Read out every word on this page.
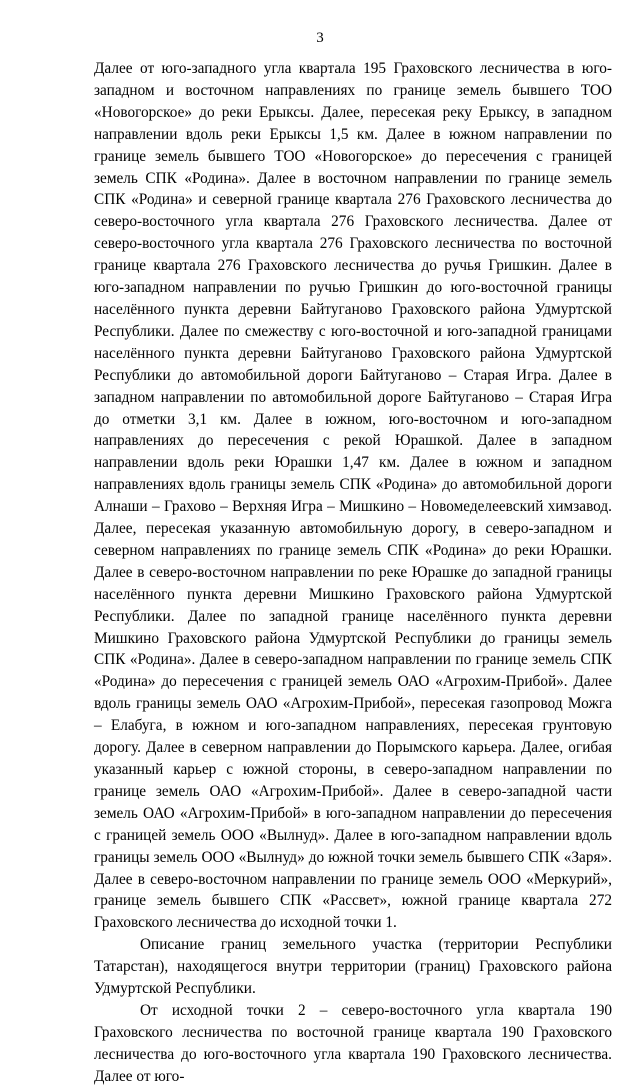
3

Далее от юго-западного угла квартала 195 Граховского лесничества в юго-западном и восточном направлениях по границе земель бывшего ТОО «Новогорское» до реки Ерыксы. Далее, пересекая реку Ерыксу, в западном направлении вдоль реки Ерыксы 1,5 км. Далее в южном направлении по границе земель бывшего ТОО «Новогорское» до пересечения с границей земель СПК «Родина». Далее в восточном направлении по границе земель СПК «Родина» и северной границе квартала 276 Граховского лесничества до северо-восточного угла квартала 276 Граховского лесничества. Далее от северо-восточного угла квартала 276 Граховского лесничества по восточной границе квартала 276 Граховского лесничества до ручья Гришкин. Далее в юго-западном направлении по ручью Гришкин до юго-восточной границы населённого пункта деревни Байтуганово Граховского района Удмуртской Республики. Далее по смежеству с юго-восточной и юго-западной границами населённого пункта деревни Байтуганово Граховского района Удмуртской Республики до автомобильной дороги Байтуганово – Старая Игра. Далее в западном направлении по автомобильной дороге Байтуганово – Старая Игра до отметки 3,1 км. Далее в южном, юго-восточном и юго-западном направлениях до пересечения с рекой Юрашкой. Далее в западном направлении вдоль реки Юрашки 1,47 км. Далее в южном и западном направлениях вдоль границы земель СПК «Родина» до автомобильной дороги Алнаши – Грахово – Верхняя Игра – Мишкино – Новомеделеевский химзавод. Далее, пересекая указанную автомобильную дорогу, в северо-западном и северном направлениях по границе земель СПК «Родина» до реки Юрашки. Далее в северо-восточном направлении по реке Юрашке до западной границы населённого пункта деревни Мишкино Граховского района Удмуртской Республики. Далее по западной границе населённого пункта деревни Мишкино Граховского района Удмуртской Республики до границы земель СПК «Родина». Далее в северо-западном направлении по границе земель СПК «Родина» до пересечения с границей земель ОАО «Агрохим-Прибой». Далее вдоль границы земель ОАО «Агрохим-Прибой», пересекая газопровод Можга – Елабуга, в южном и юго-западном направлениях, пересекая грунтовую дорогу. Далее в северном направлении до Порымского карьера. Далее, огибая указанный карьер с южной стороны, в северо-западном направлении по границе земель ОАО «Агрохим-Прибой». Далее в северо-западной части земель ОАО «Агрохим-Прибой» в юго-западном направлении до пересечения с границей земель ООО «Вылнуд». Далее в юго-западном направлении вдоль границы земель ООО «Вылнуд» до южной точки земель бывшего СПК «Заря». Далее в северо-восточном направлении по границе земель ООО «Меркурий», границе земель бывшего СПК «Рассвет», южной границе квартала 272 Граховского лесничества до исходной точки 1.

Описание границ земельного участка (территории Республики Татарстан), находящегося внутри территории (границ) Граховского района Удмуртской Республики.

От исходной точки 2 – северо-восточного угла квартала 190 Граховского лесничества по восточной границе квартала 190 Граховского лесничества до юго-восточного угла квартала 190 Граховского лесничества. Далее от юго-
